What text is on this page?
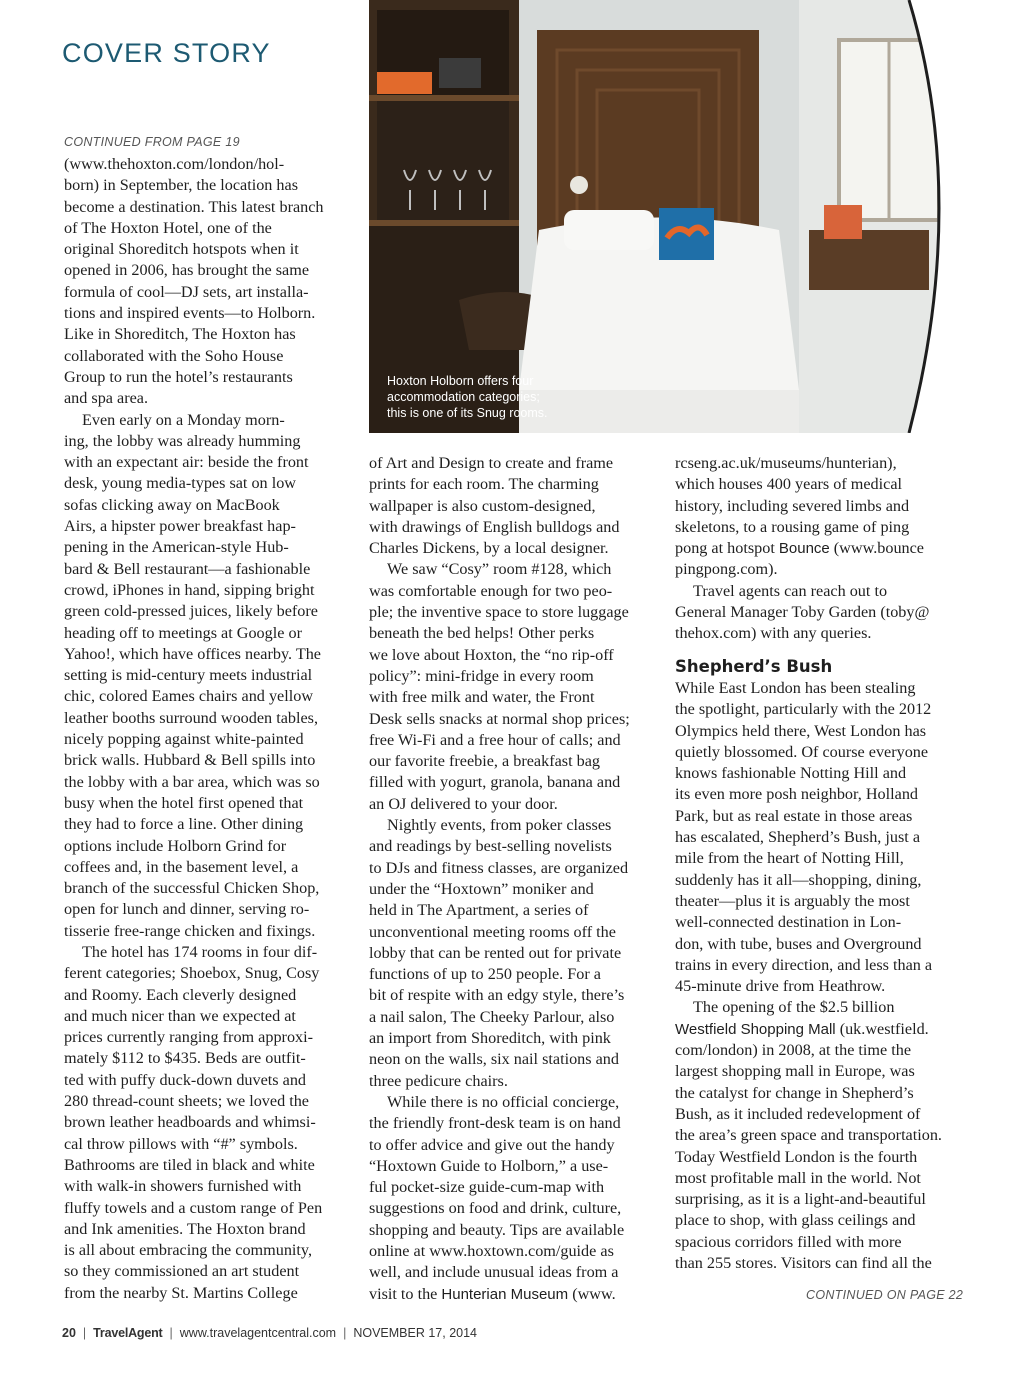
COVER STORY
CONTINUED FROM PAGE 19
Hoxton Holborn offers four
accommodation categories;
this is one of its Snug rooms.

(www.thehoxton.com/london/hol-
born) in September, the location has
become a destination. This latest branch
of The Hoxton Hotel, one of the
original Shoreditch hotspots when it
opened in 2006, has brought the same
formula of cool—DJ sets, art installa-
tions and inspired events—to Holborn.
Like in Shoreditch, The Hoxton has
collaborated with the Soho House
Group to run the hotel’s restaurants
and spa area.

Even early on a Monday morn-
ing, the lobby was already humming
with an expectant air: beside the front
desk, young media-types sat on low
sofas clicking away on MacBook
Airs, a hipster power breakfast hap-
pening in the American-style Hub-
bard & Bell restaurant—a fashionable
crowd, iPhones in hand, sipping bright
green cold-pressed juices, likely before
heading off to meetings at Google or
Yahoo!, which have offices nearby. The
setting is mid-century meets industrial
chic, colored Eames chairs and yellow
leather booths surround wooden tables,
nicely popping against white-painted
brick walls. Hubbard & Bell spills into
the lobby with a bar area, which was so
busy when the hotel first opened that
they had to force a line. Other dining
options include Holborn Grind for
coffees and, in the basement level, a
branch of the successful Chicken Shop,
open for lunch and dinner, serving ro-
tisserie free-range chicken and fixings.

The hotel has 174 rooms in four dif-
ferent categories; Shoebox, Snug, Cosy
and Roomy. Each cleverly designed
and much nicer than we expected at
prices currently ranging from approxi-
mately $112 to $435. Beds are outfit-
ted with puffy duck-down duvets and
280 thread-count sheets; we loved the
brown leather headboards and whimsi-
cal throw pillows with “#” symbols.
Bathrooms are tiled in black and white
with walk-in showers furnished with
fluffy towels and a custom range of Pen
and Ink amenities. The Hoxton brand
is all about embracing the community,
so they commissioned an art student
from the nearby St. Martins College

of Art and Design to create and frame
prints for each room. The charming
wallpaper is also custom-designed,
with drawings of English bulldogs and
Charles Dickens, by a local designer.

We saw “Cosy” room #128, which
was comfortable enough for two peo-
ple; the inventive space to store luggage
beneath the bed helps! Other perks
we love about Hoxton, the “no rip-off
policy”: mini-fridge in every room
with free milk and water, the Front
Desk sells snacks at normal shop prices;
free Wi-Fi and a free hour of calls; and
our favorite freebie, a breakfast bag
filled with yogurt, granola, banana and
an OJ delivered to your door.

Nightly events, from poker classes
and readings by best-selling novelists
to DJs and fitness classes, are organized
under the “Hoxtown” moniker and
held in The Apartment, a series of
unconventional meeting rooms off the
lobby that can be rented out for private
functions of up to 250 people. For a
bit of respite with an edgy style, there’s
a nail salon, The Cheeky Parlour, also
an import from Shoreditch, with pink
neon on the walls, six nail stations and
three pedicure chairs.

While there is no official concierge,
the friendly front-desk team is on hand
to offer advice and give out the handy
“Hoxtown Guide to Holborn,” a use-
ful pocket-size guide-cum-map with
suggestions on food and drink, culture,
shopping and beauty. Tips are available
online at www.hoxtown.com/guide as
well, and include unusual ideas from a
visit to the Hunterian Museum (www.

rcseng.ac.uk/museums/hunterian),
which houses 400 years of medical
history, including severed limbs and
skeletons, to a rousing game of ping
pong at hotspot Bounce (www.bounce
pingpong.com).

Travel agents can reach out to
General Manager Toby Garden (toby@
thehox.com) with any queries.

Shepherd’s Bush

While East London has been stealing
the spotlight, particularly with the 2012
Olympics held there, West London has
quietly blossomed. Of course everyone
knows fashionable Notting Hill and
its even more posh neighbor, Holland
Park, but as real estate in those areas
has escalated, Shepherd’s Bush, just a
mile from the heart of Notting Hill,
suddenly has it all—shopping, dining,
theater—plus it is arguably the most
well-connected destination in Lon-
don, with tube, buses and Overground
trains in every direction, and less than a
45-minute drive from Heathrow.

The opening of the $2.5 billion
Westfield Shopping Mall (uk.westfield.
com/london) in 2008, at the time the
largest shopping mall in Europe, was
the catalyst for change in Shepherd’s
Bush, as it included redevelopment of
the area’s green space and transportation.
Today Westfield London is the fourth
most profitable mall in the world. Not
surprising, as it is a light-and-beautiful
place to shop, with glass ceilings and
spacious corridors filled with more
than 255 stores. Visitors can find all the

CONTINUED ON PAGE 22
20 | TravelAgent | www.travelagentcentral.com | NOVEMBER 17, 2014
